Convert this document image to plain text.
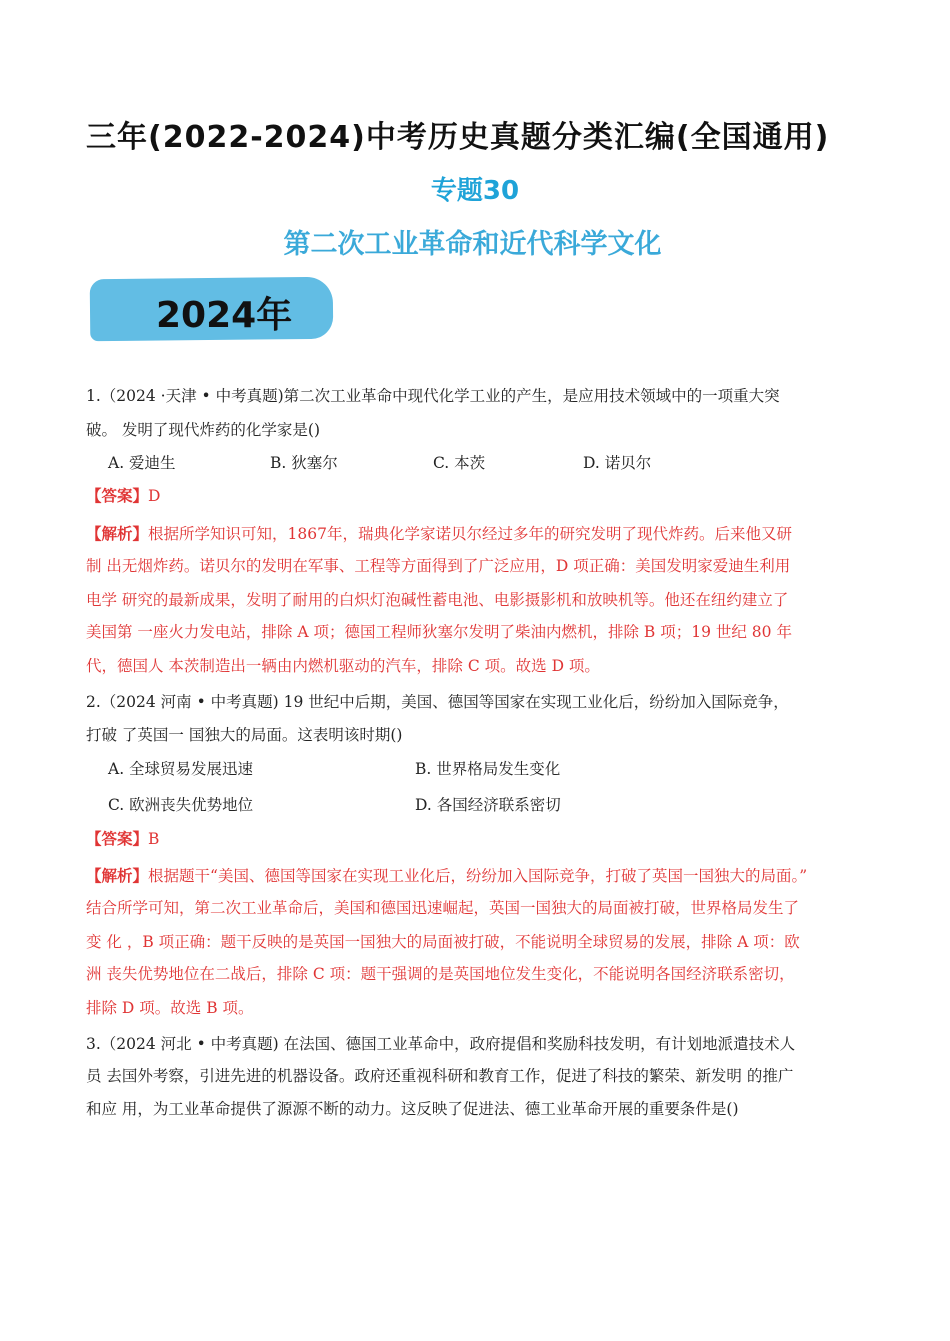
三年(2022-2024)中考历史真题分类汇编(全国通用)
专题30
第二次工业革命和近代科学文化
2024年
1.（2024 ·天津 • 中考真题)第二次工业革命中现代化学工业的产生，是应用技术领域中的一项重大突
破。 发明了现代炸药的化学家是()
A. 爱迪生	B. 狄塞尔	C. 本茨	D. 诺贝尔
【答案】D
【解析】根据所学知识可知，1867年，瑞典化学家诺贝尔经过多年的研究发明了现代炸药。后来他又研
制 出无烟炸药。诺贝尔的发明在军事、工程等方面得到了广泛应用，D 项正确：美国发明家爱迪生利用
电学 研究的最新成果，发明了耐用的白炽灯泡碱性蓄电池、电影摄影机和放映机等。他还在纽约建立了
美国第 一座火力发电站，排除 A 项；德国工程师狄塞尔发明了柴油内燃机，排除 B 项；19 世纪 80 年
代，德国人 本茨制造出一辆由内燃机驱动的汽车，排除 C 项。故选 D 项。
2.（2024 河南 • 中考真题) 19 世纪中后期，美国、德国等国家在实现工业化后，纷纷加入国际竞争，
打破 了英国一 国独大的局面。这表明该时期()
A. 全球贸易发展迅速	B. 世界格局发生变化
C. 欧洲丧失优势地位	D. 各国经济联系密切
【答案】B
【解析】根据题干“美国、德国等国家在实现工业化后，纷纷加入国际竞争，打破了英国一国独大的局面。”
结合所学可知，第二次工业革命后，美国和德国迅速崛起，英国一国独大的局面被打破，世界格局发生了
变 化 ，B 项正确：题干反映的是英国一国独大的局面被打破，不能说明全球贸易的发展，排除 A 项：欧
洲 丧失优势地位在二战后，排除 C 项：题干强调的是英国地位发生变化，不能说明各国经济联系密切，
排除 D 项。故选 B 项。
3.（2024 河北 • 中考真题) 在法国、德国工业革命中，政府提倡和奖励科技发明，有计划地派遣技术人
员 去国外考察，引进先进的机器设备。政府还重视科研和教育工作，促进了科技的繁荣、新发明 的推广
和应 用，为工业革命提供了源源不断的动力。这反映了促进法、德工业革命开展的重要条件是()
